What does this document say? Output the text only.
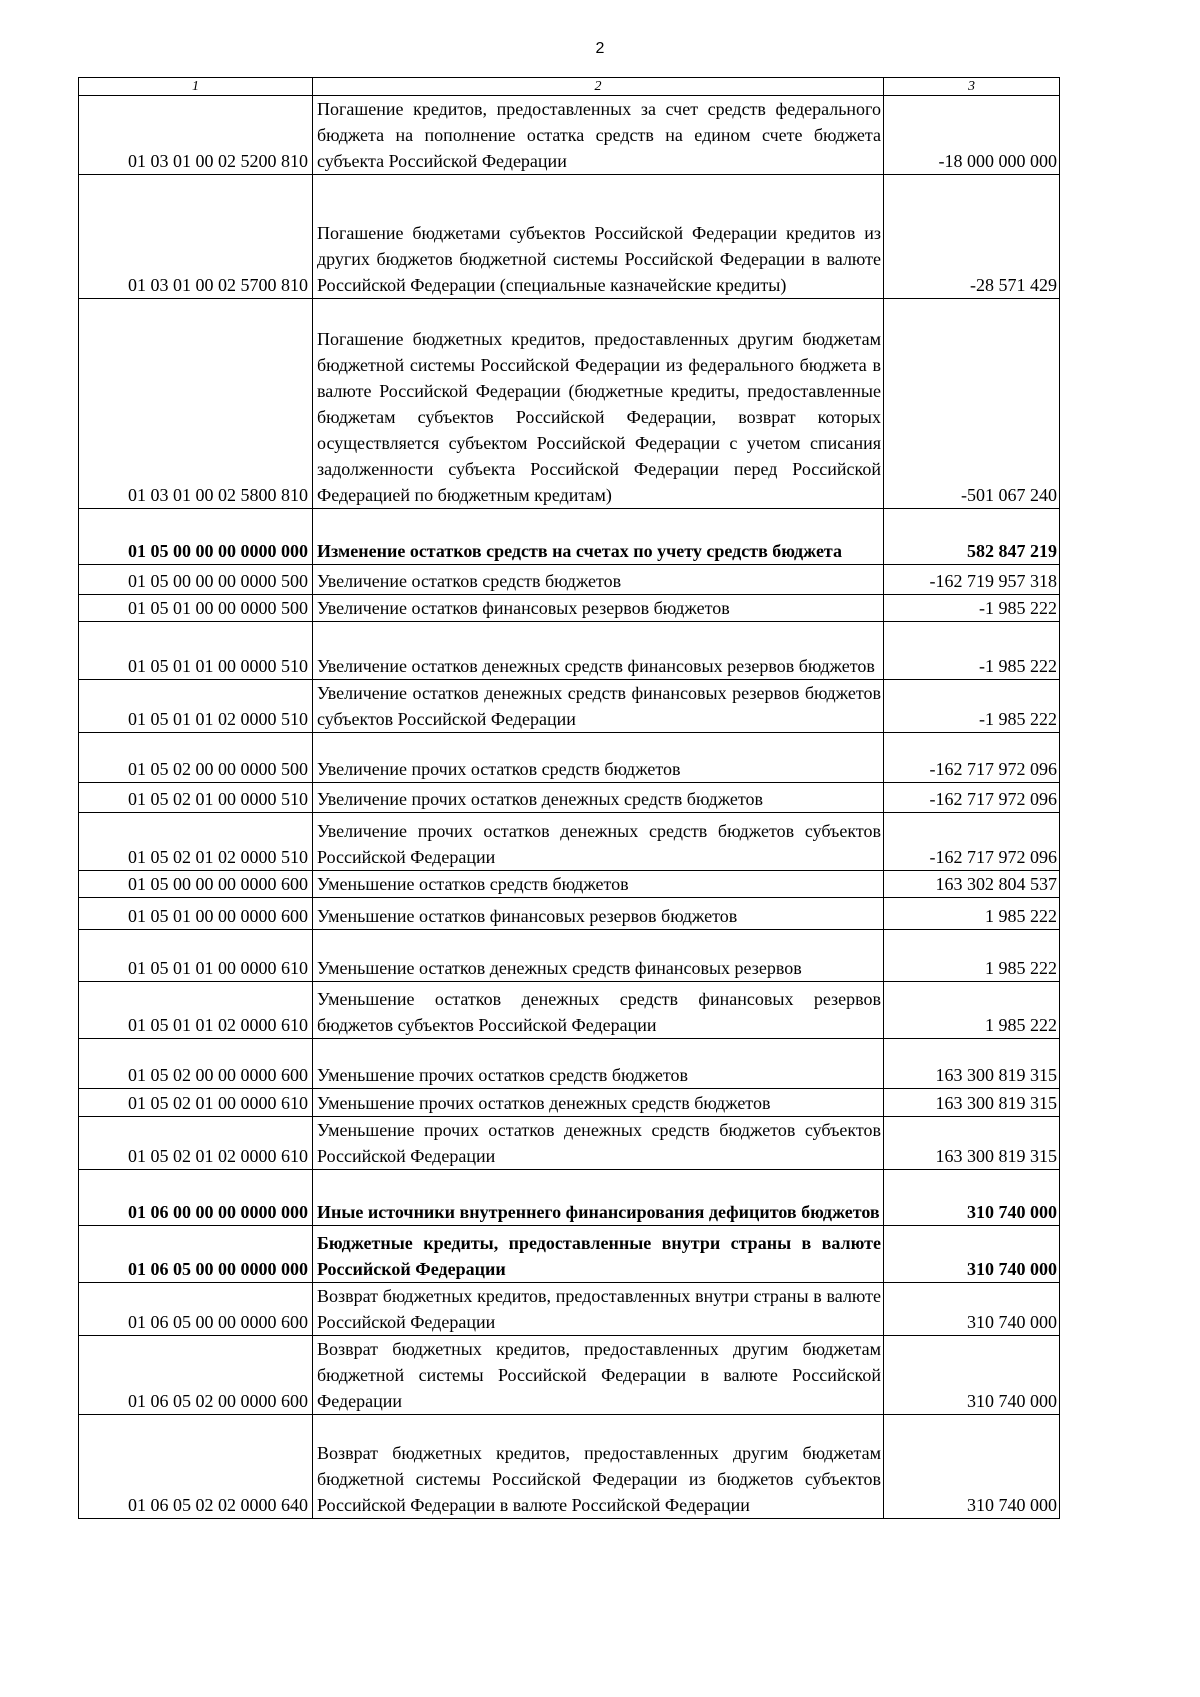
2
1	2	3
01 03 01 00 02 5200 810	Погашение кредитов, предоставленных за счет средств федерального бюджета на пополнение остатка средств на едином счете бюджета субъекта Российской Федерации	-18 000 000 000
01 03 01 00 02 5700 810	Погашение бюджетами субъектов Российской Федерации кредитов из других бюджетов бюджетной системы Российской Федерации в валюте Российской Федерации (специальные казначейские кредиты)	-28 571 429
01 03 01 00 02 5800 810	Погашение бюджетных кредитов, предоставленных другим бюджетам бюджетной системы Российской Федерации из федерального бюджета в валюте Российской Федерации (бюджетные кредиты, предоставленные бюджетам субъектов Российской Федерации, возврат которых осуществляется субъектом Российской Федерации с учетом списания задолженности субъекта Российской Федерации перед Российской Федерацией по бюджетным кредитам)	-501 067 240
01 05 00 00 00 0000 000	Изменение остатков средств на счетах по учету средств бюджета	582 847 219
01 05 00 00 00 0000 500	Увеличение остатков средств бюджетов	-162 719 957 318
01 05 01 00 00 0000 500	Увеличение остатков финансовых резервов бюджетов	-1 985 222
01 05 01 01 00 0000 510	Увеличение остатков денежных средств финансовых резервов бюджетов	-1 985 222
01 05 01 01 02 0000 510	Увеличение остатков денежных средств финансовых резервов бюджетов субъектов Российской Федерации	-1 985 222
01 05 02 00 00 0000 500	Увеличение прочих остатков средств бюджетов	-162 717 972 096
01 05 02 01 00 0000 510	Увеличение прочих остатков денежных средств бюджетов	-162 717 972 096
01 05 02 01 02 0000 510	Увеличение прочих остатков денежных средств бюджетов субъектов Российской Федерации	-162 717 972 096
01 05 00 00 00 0000 600	Уменьшение остатков средств бюджетов	163 302 804 537
01 05 01 00 00 0000 600	Уменьшение остатков финансовых резервов бюджетов	1 985 222
01 05 01 01 00 0000 610	Уменьшение остатков денежных средств финансовых резервов	1 985 222
01 05 01 01 02 0000 610	Уменьшение остатков денежных средств финансовых резервов бюджетов субъектов Российской Федерации	1 985 222
01 05 02 00 00 0000 600	Уменьшение прочих остатков средств бюджетов	163 300 819 315
01 05 02 01 00 0000 610	Уменьшение прочих остатков денежных средств бюджетов	163 300 819 315
01 05 02 01 02 0000 610	Уменьшение прочих остатков денежных средств бюджетов субъектов Российской Федерации	163 300 819 315
01 06 00 00 00 0000 000	Иные источники внутреннего финансирования дефицитов бюджетов	310 740 000
01 06 05 00 00 0000 000	Бюджетные кредиты, предоставленные внутри страны в валюте Российской Федерации	310 740 000
01 06 05 00 00 0000 600	Возврат бюджетных кредитов, предоставленных внутри страны в валюте Российской Федерации	310 740 000
01 06 05 02 00 0000 600	Возврат бюджетных кредитов, предоставленных другим бюджетам бюджетной системы Российской Федерации в валюте Российской Федерации	310 740 000
01 06 05 02 02 0000 640	Возврат бюджетных кредитов, предоставленных другим бюджетам бюджетной системы Российской Федерации из бюджетов субъектов Российской Федерации в валюте Российской Федерации	310 740 000
